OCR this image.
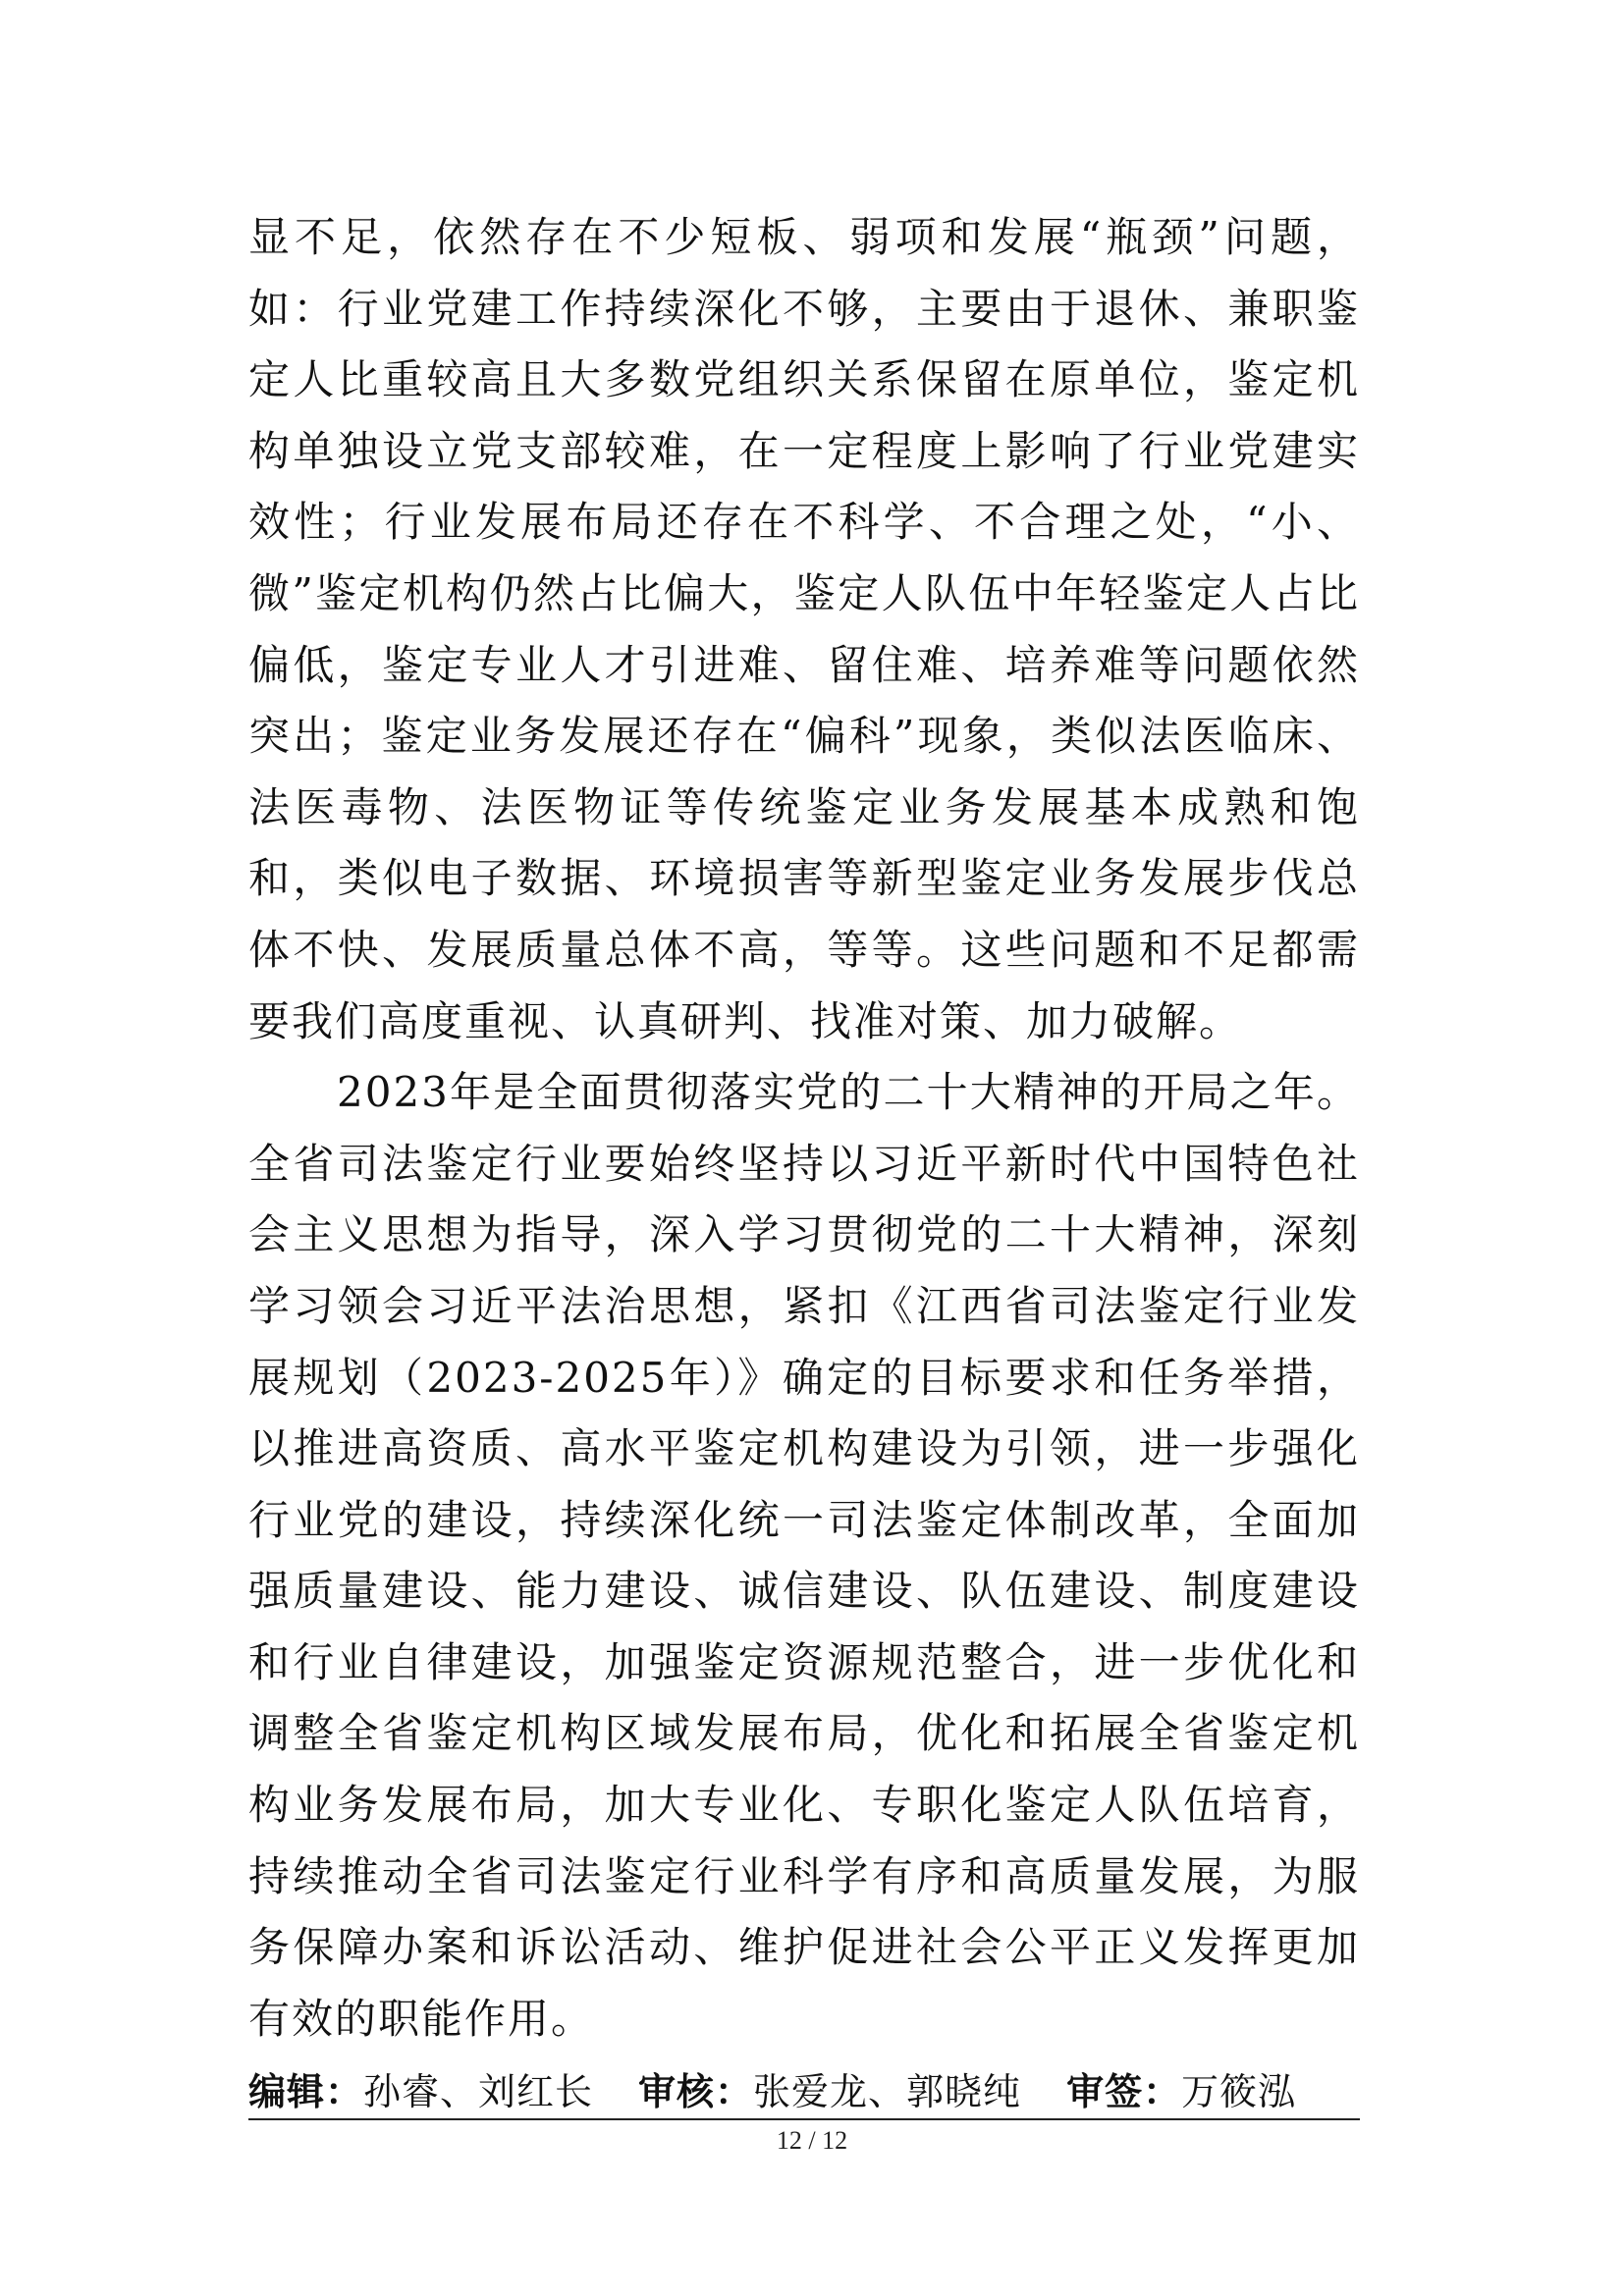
显不足，依然存在不少短板、弱项和发展“瓶颈”问题，如：行业党建工作持续深化不够，主要由于退休、兼职鉴定人比重较高且大多数党组织关系保留在原单位，鉴定机构单独设立党支部较难，在一定程度上影响了行业党建实效性；行业发展布局还存在不科学、不合理之处，“小、微”鉴定机构仍然占比偏大，鉴定人队伍中年轻鉴定人占比偏低，鉴定专业人才引进难、留住难、培养难等问题依然突出；鉴定业务发展还存在“偏科”现象，类似法医临床、法医毒物、法医物证等传统鉴定业务发展基本成熟和饱和，类似电子数据、环境损害等新型鉴定业务发展步伐总体不快、发展质量总体不高，等等。这些问题和不足都需要我们高度重视、认真研判、找准对策、加力破解。

2023年是全面贯彻落实党的二十大精神的开局之年。全省司法鉴定行业要始终坚持以习近平新时代中国特色社会主义思想为指导，深入学习贯彻党的二十大精神，深刻学习领会习近平法治思想，紧扣《江西省司法鉴定行业发展规划（2023-2025年）》确定的目标要求和任务举措，以推进高资质、高水平鉴定机构建设为引领，进一步强化行业党的建设，持续深化统一司法鉴定体制改革，全面加强质量建设、能力建设、诚信建设、队伍建设、制度建设和行业自律建设，加强鉴定资源规范整合，进一步优化和调整全省鉴定机构区域发展布局，优化和拓展全省鉴定机构业务发展布局，加大专业化、专职化鉴定人队伍培育，持续推动全省司法鉴定行业科学有序和高质量发展，为服务保障办案和诉讼活动、维护促进社会公平正义发挥更加有效的职能作用。

编辑： 孙睿、刘红长 审核： 张爱龙、郭晓纯 审签： 万筱泓
12 / 12
